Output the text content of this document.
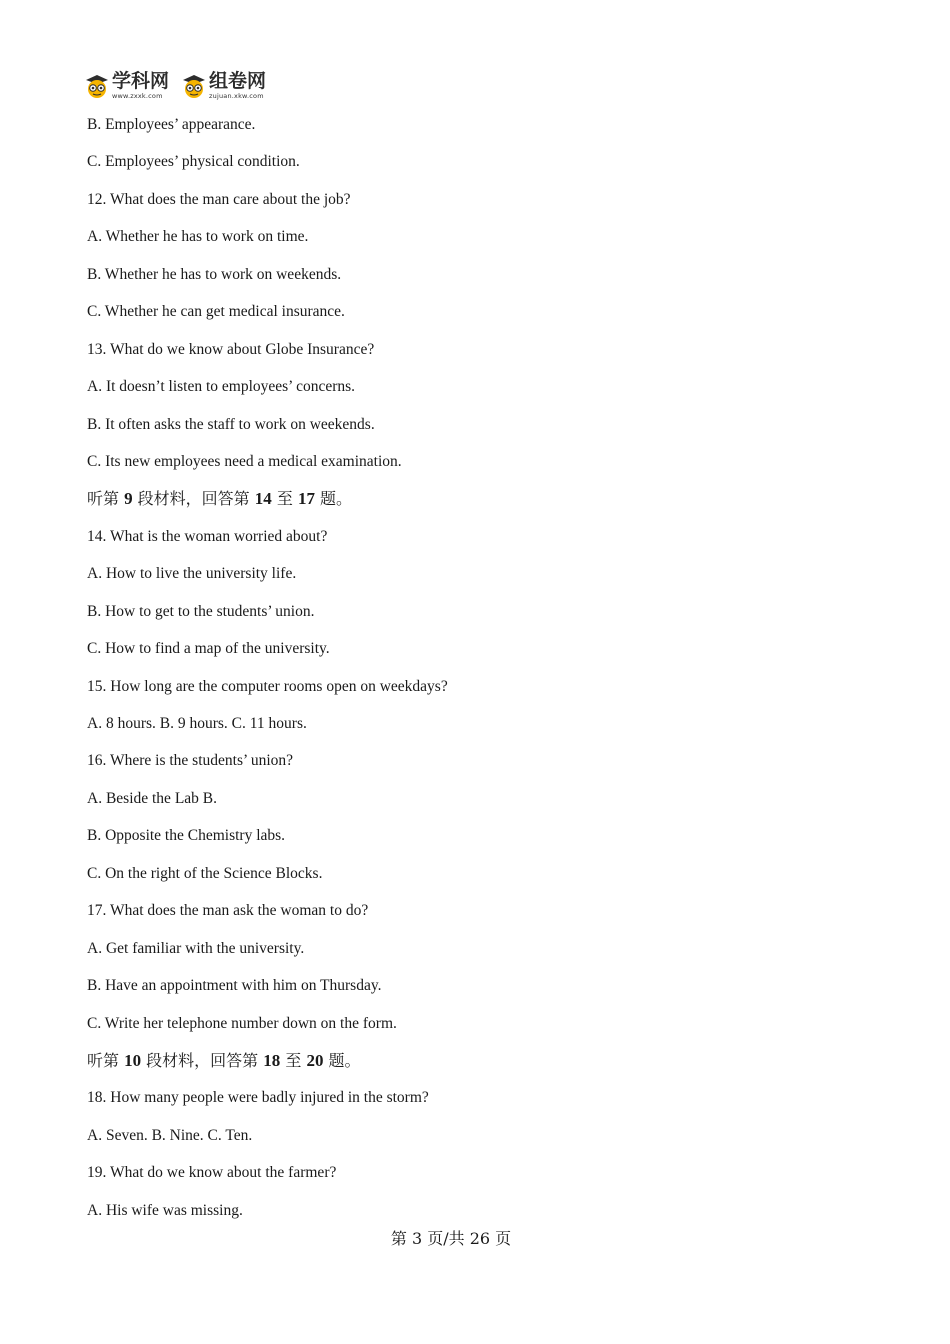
学科网
www.zxxk.com
组卷网
zujuan.xkw.com
B. Employees’ appearance.
C. Employees’ physical condition.
12. What does the man care about the job?
A. Whether he has to work on time.
B. Whether he has to work on weekends.
C. Whether he can get medical insurance.
13. What do we know about Globe Insurance?
A. It doesn’t listen to employees’ concerns.
B. It often asks the staff to work on weekends.
C. Its new employees need a medical examination.
听第 9 段材料，回答第 14 至 17 题。
14. What is the woman worried about?
A. How to live the university life.
B. How to get to the students’ union.
C. How to find a map of the university.
15. How long are the computer rooms open on weekdays?
A. 8 hours. B. 9 hours. C. 11 hours.
16. Where is the students’ union?
A. Beside the Lab B.
B. Opposite the Chemistry labs.
C. On the right of the Science Blocks.
17. What does the man ask the woman to do?
A. Get familiar with the university.
B. Have an appointment with him on Thursday.
C. Write her telephone number down on the form.
听第 10 段材料，回答第 18 至 20 题。
18. How many people were badly injured in the storm?
A. Seven. B. Nine. C. Ten.
19. What do we know about the farmer?
A. His wife was missing.
第 3 页/共 26 页
